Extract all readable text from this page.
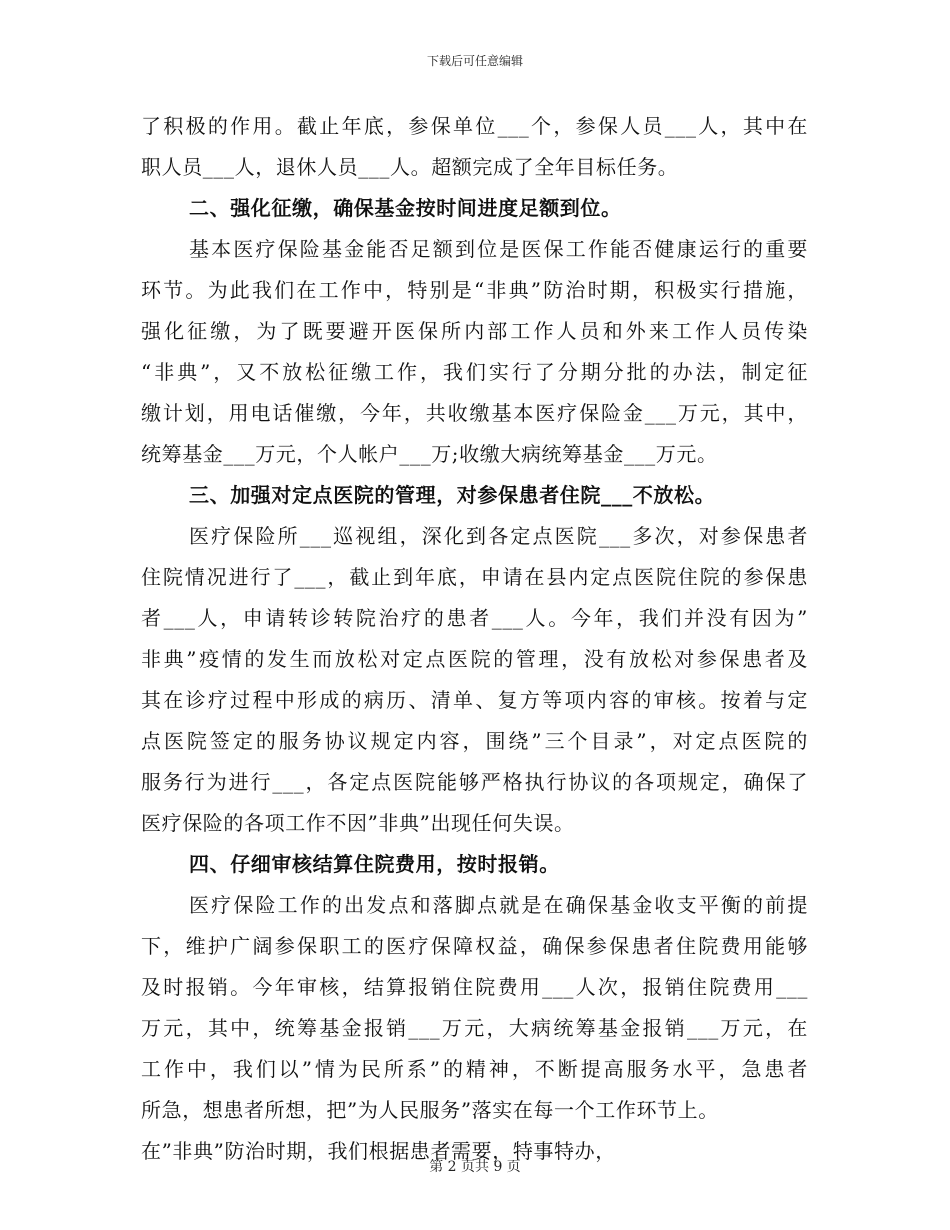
下载后可任意编辑
了积极的作用。截止年底，参保单位___个，参保人员___人，其中在
职人员___人，退休人员___人。超额完成了全年目标任务。
二、强化征缴，确保基金按时间进度足额到位。
基本医疗保险基金能否足额到位是医保工作能否健康运行的重要
环节。为此我们在工作中，特别是“非典”防治时期，积极实行措施，
强化征缴，为了既要避开医保所内部工作人员和外来工作人员传染
“非典”，又不放松征缴工作，我们实行了分期分批的办法，制定征
缴计划，用电话催缴，今年，共收缴基本医疗保险金___万元，其中，
统筹基金___万元，个人帐户___万;收缴大病统筹基金___万元。
三、加强对定点医院的管理，对参保患者住院___不放松。
医疗保险所___巡视组，深化到各定点医院___多次，对参保患者
住院情况进行了___，截止到年底，申请在县内定点医院住院的参保患
者___人，申请转诊转院治疗的患者___人。今年，我们并没有因为”
非典”疫情的发生而放松对定点医院的管理，没有放松对参保患者及
其在诊疗过程中形成的病历、清单、复方等项内容的审核。按着与定
点医院签定的服务协议规定内容，围绕”三个目录”，对定点医院的
服务行为进行___，各定点医院能够严格执行协议的各项规定，确保了
医疗保险的各项工作不因”非典”出现任何失误。
四、仔细审核结算住院费用，按时报销。
医疗保险工作的出发点和落脚点就是在确保基金收支平衡的前提
下，维护广阔参保职工的医疗保障权益，确保参保患者住院费用能够
及时报销。今年审核，结算报销住院费用___人次，报销住院费用___
万元，其中，统筹基金报销___万元，大病统筹基金报销___万元，在
工作中，我们以”情为民所系”的精神，不断提高服务水平，急患者
所急，想患者所想，把”为人民服务”落实在每一个工作环节上。
在”非典”防治时期，我们根据患者需要，特事特办，
第 2 页共 9 页
